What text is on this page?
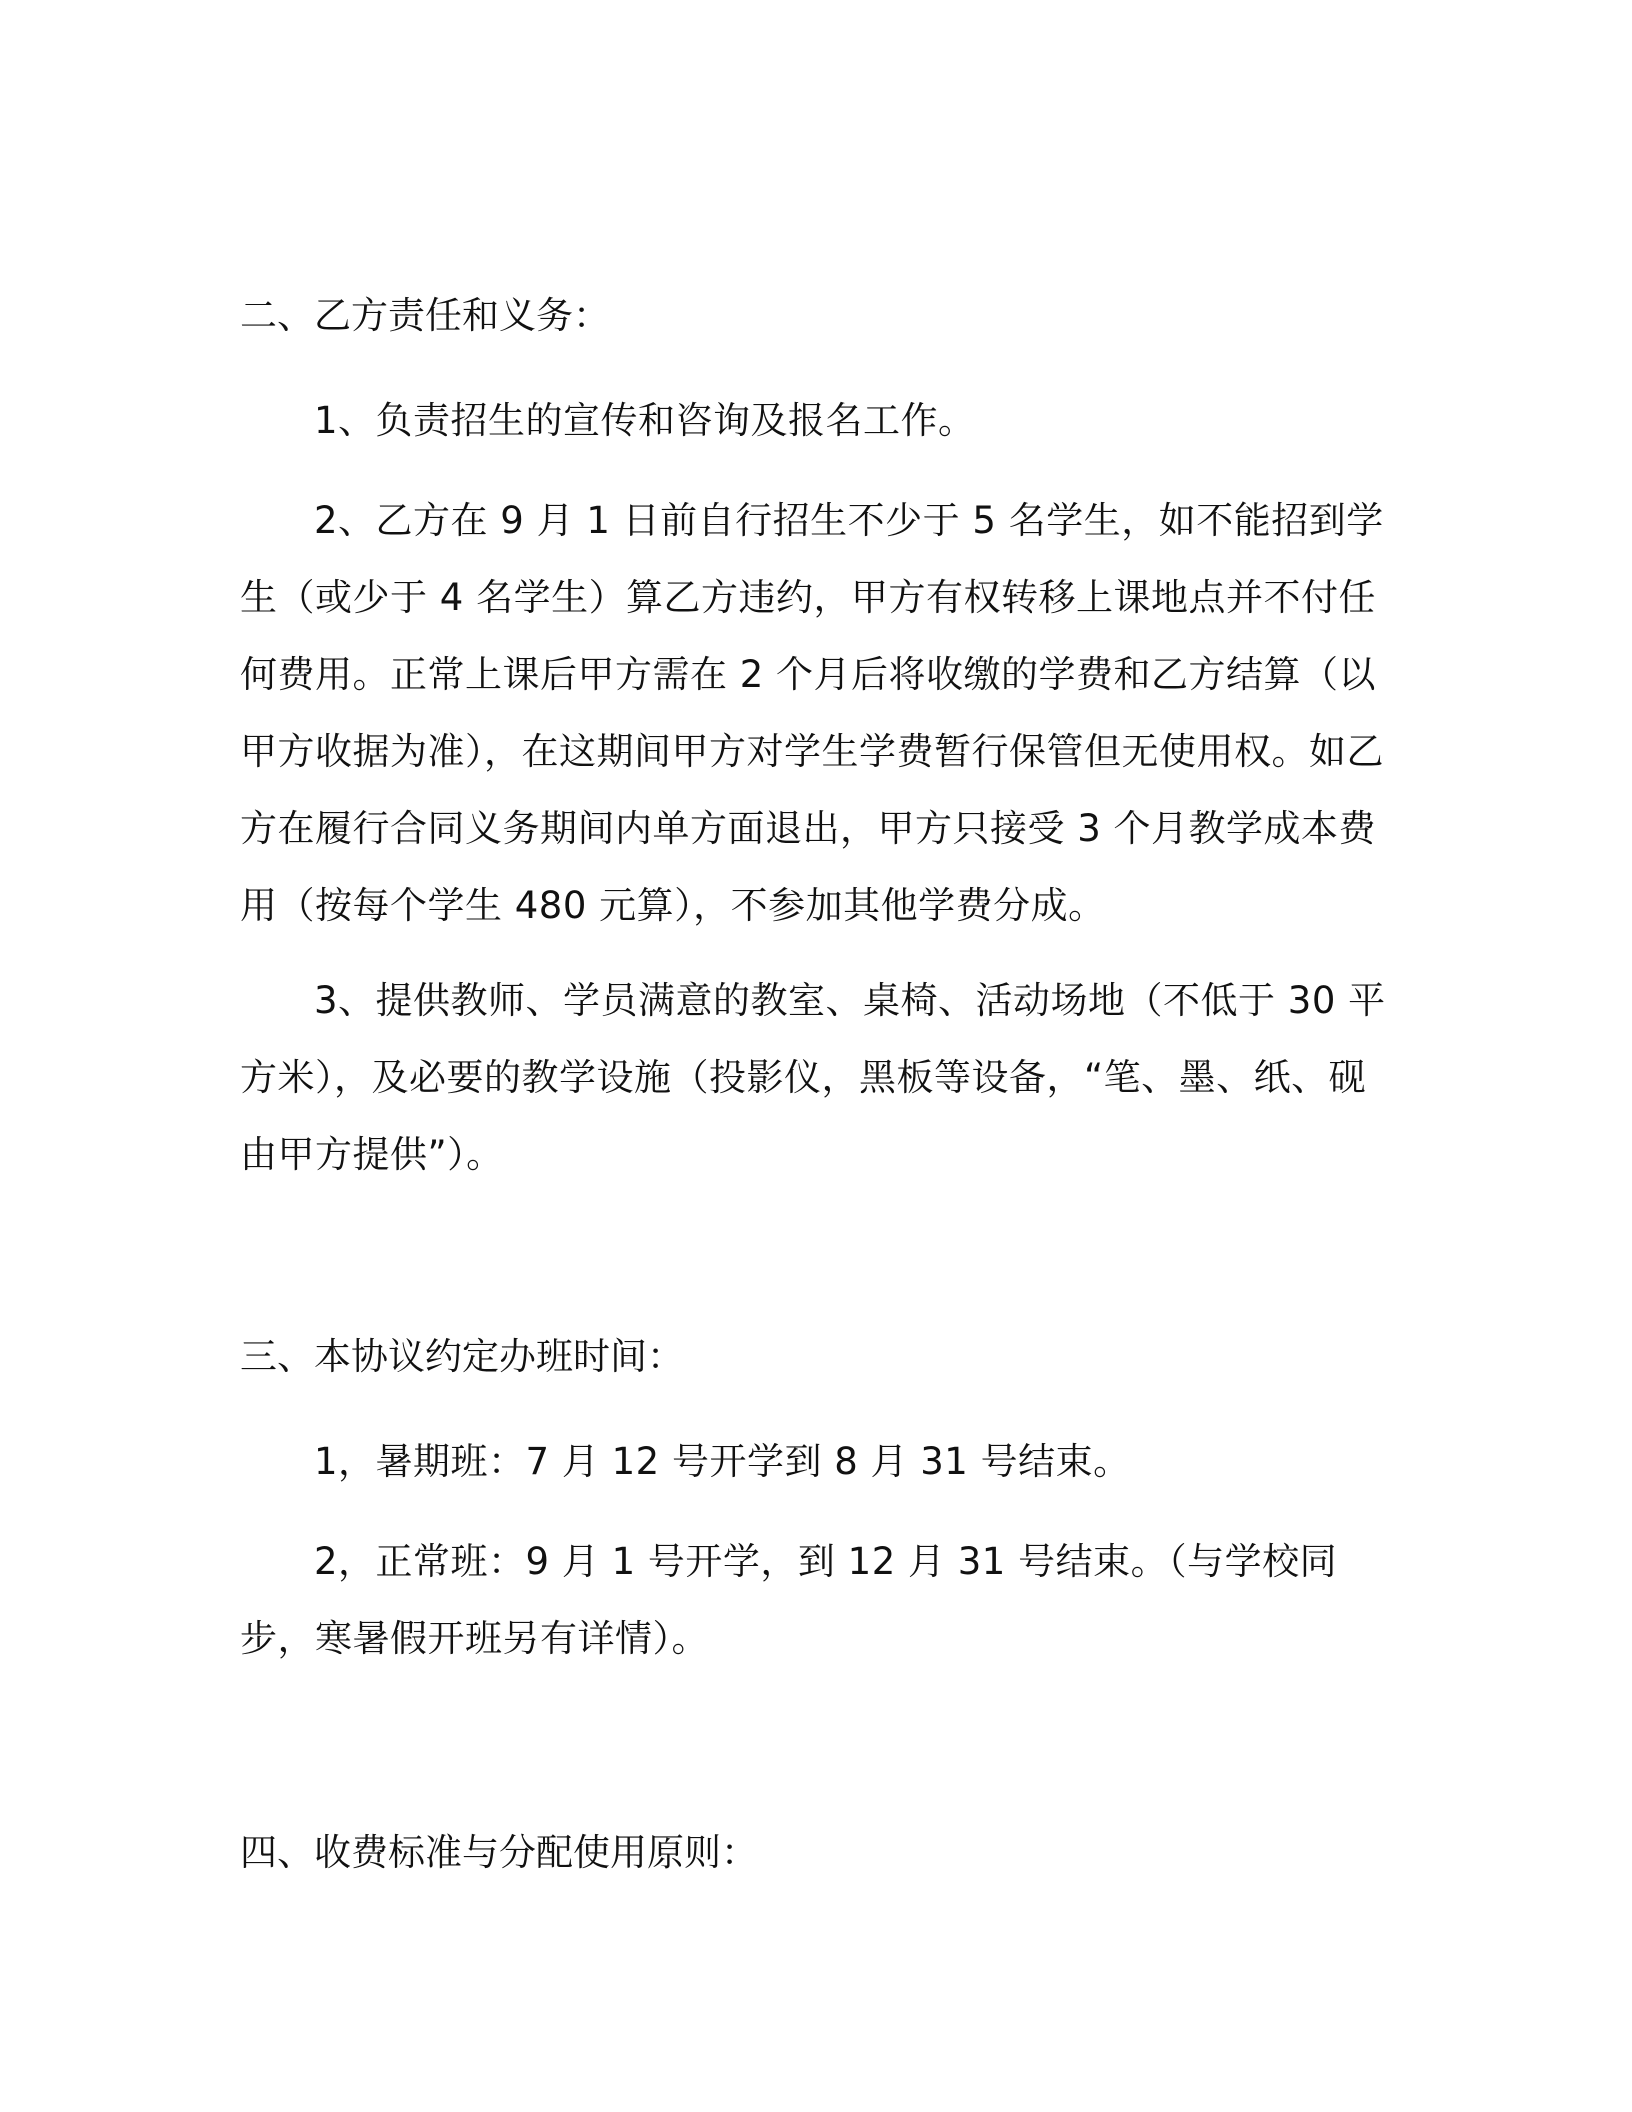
二、乙方责任和义务：

1、负责招生的宣传和咨询及报名工作。

2、乙方在 9 月 1 日前自行招生不少于 5 名学生，如不能招到学生（或少于 4 名学生）算乙方违约，甲方有权转移上课地点并不付任何费用。正常上课后甲方需在 2 个月后将收缴的学费和乙方结算（以甲方收据为准），在这期间甲方对学生学费暂行保管但无使用权。如乙方在履行合同义务期间内单方面退出，甲方只接受 3 个月教学成本费用（按每个学生 480 元算），不参加其他学费分成。

3、提供教师、学员满意的教室、桌椅、活动场地（不低于 30 平方米），及必要的教学设施（投影仪，黑板等设备，“笔、墨、纸、砚由甲方提供”）。

三、本协议约定办班时间：

1，暑期班：7 月 12 号开学到 8 月 31 号结束。

2，正常班：9 月 1 号开学，到 12 月 31 号结束。（与学校同步，寒暑假开班另有详情）。

四、收费标准与分配使用原则：
